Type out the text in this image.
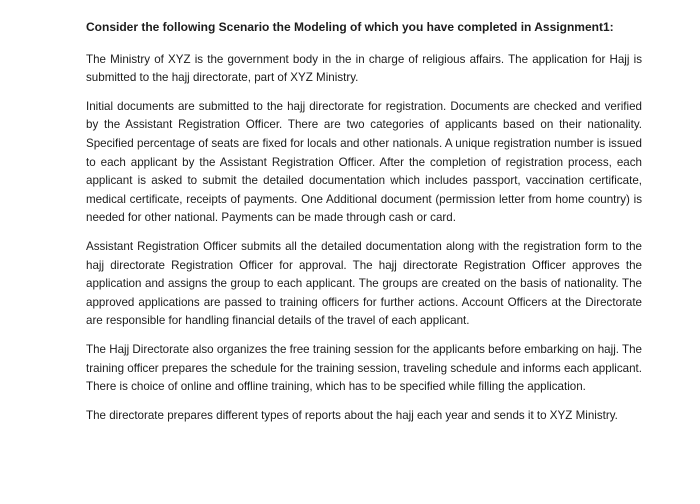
Consider the following Scenario the Modeling of which you have completed in Assignment1:

The Ministry of XYZ is the government body in the in charge of religious affairs. The application for Hajj is submitted to the hajj directorate, part of XYZ Ministry.

Initial documents are submitted to the hajj directorate for registration. Documents are checked and verified by the Assistant Registration Officer. There are two categories of applicants based on their nationality. Specified percentage of seats are fixed for locals and other nationals. A unique registration number is issued to each applicant by the Assistant Registration Officer. After the completion of registration process, each applicant is asked to submit the detailed documentation which includes passport, vaccination certificate, medical certificate, receipts of payments. One Additional document (permission letter from home country) is needed for other national. Payments can be made through cash or card.

Assistant Registration Officer submits all the detailed documentation along with the registration form to the hajj directorate Registration Officer for approval. The hajj directorate Registration Officer approves the application and assigns the group to each applicant. The groups are created on the basis of nationality. The approved applications are passed to training officers for further actions. Account Officers at the Directorate are responsible for handling financial details of the travel of each applicant.

The Hajj Directorate also organizes the free training session for the applicants before embarking on hajj. The training officer prepares the schedule for the training session, traveling schedule and informs each applicant. There is choice of online and offline training, which has to be specified while filling the application.

The directorate prepares different types of reports about the hajj each year and sends it to XYZ Ministry.
